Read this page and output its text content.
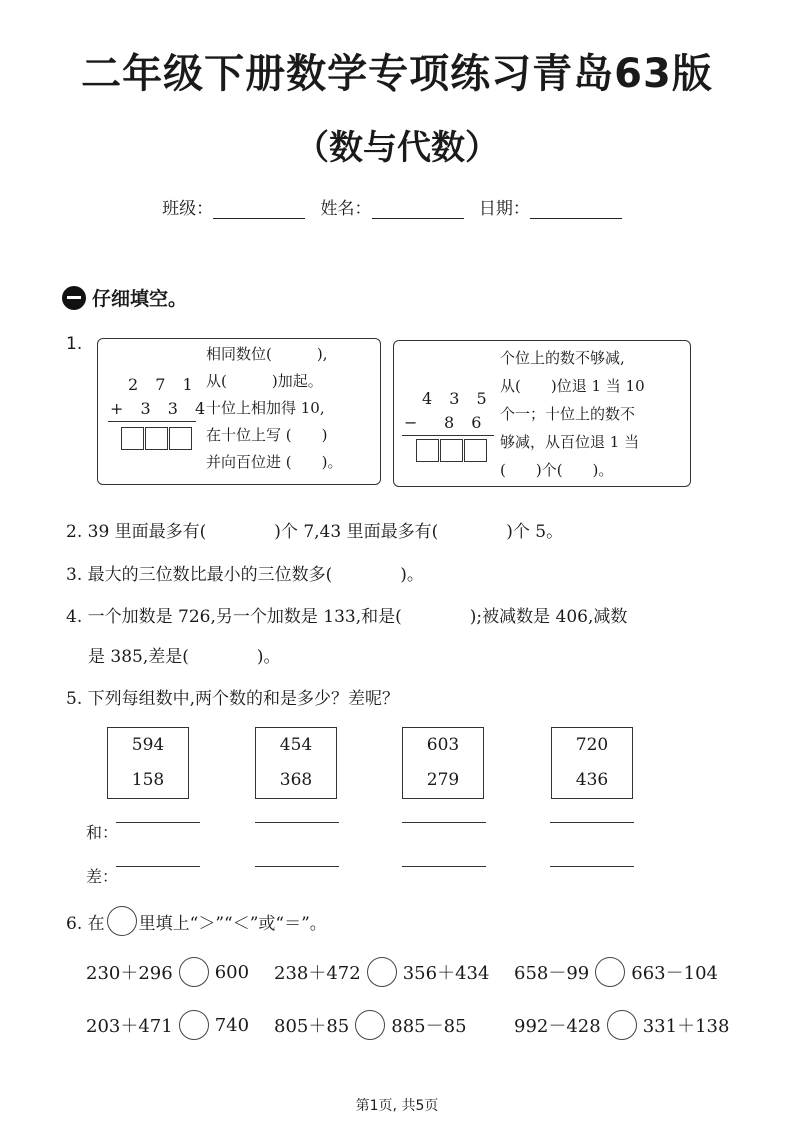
二年级下册数学专项练习青岛63版
（数与代数）
班级：	姓名：	日期：
仔细填空。
1.
2 7 1
+ 3 3 4
相同数位(　　　),
从(　　　)加起。
十位上相加得 10,
在十位上写 (　　)
并向百位进 (　　)。
4 3 5
− 8 6
个位上的数不够减,
从(　　)位退 1 当 10
个一；十位上的数不
够减，从百位退 1 当
(　　)个(　　)。
2. 39 里面最多有(　　　　)个 7,43 里面最多有(　　　　)个 5。
3. 最大的三位数比最小的三位数多(　　　　)。
4. 一个加数是 726,另一个加数是 133,和是(　　　　);被减数是 406,减数
是 385,差是(　　　　)。
5. 下列每组数中,两个数的和是多少？差呢？
594
158
454
368
603
279
720
436
和：
差：
6. 在 里填上“＞”“＜”或“＝”。
230＋296 600 238＋472 356＋434 658－99 663－104
203＋471 740 805＋85 885－85	992－428 331＋138
第1页, 共5页
